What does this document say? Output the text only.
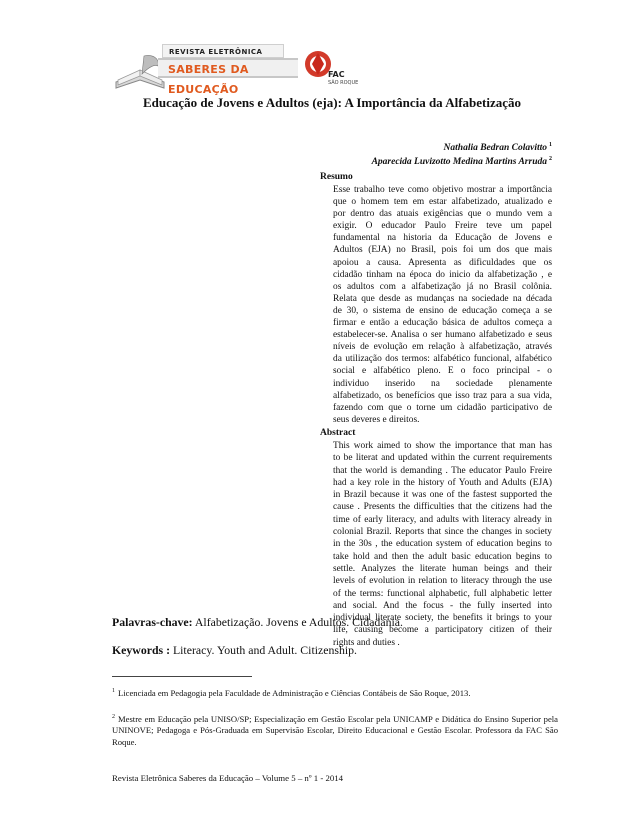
REVISTA ELETRÔNICA
SABERES DA EDUCAÇÃO
FAC
SÃO ROQUE
Educação de Jovens e Adultos (eja): A Importância da Alfabetização
Nathalia Bedran Colavitto $^1$
Aparecida Luvizotto Medina Martins Arruda $^2$
Resumo
Esse trabalho teve como objetivo mostrar a importância
que o homem tem em estar alfabetizado, atualizado e
por dentro das atuais exigências que o mundo vem a
exigir. O educador Paulo Freire teve um papel
fundamental na historia da Educação de Jovens e
Adultos (EJA) no Brasil, pois foi um dos que mais
apoiou a causa. Apresenta as dificuldades que os
cidadão tinham na época do inicio da alfabetização , e
os adultos com a alfabetização já no Brasil colônia.
Relata que desde as mudanças na sociedade na década
de 30, o sistema de ensino de educação começa a se
firmar e então a educação básica de adultos começa a
estabelecer-se. Analisa o ser humano alfabetizado e seus
níveis de evolução em relação à alfabetização, através
da utilização dos termos: alfabético funcional, alfabético
social e alfabético pleno. E o foco principal - o
individuo inserido na sociedade plenamente
alfabetizado, os benefícios que isso traz para a sua vida,
fazendo com que o torne um cidadão participativo de
seus deveres e direitos.
Abstract
This work aimed to show the importance that man has
to be literat and updated within the current requirements
that the world is demanding . The educator Paulo Freire
had a key role in the history of Youth and Adults (EJA)
in Brazil because it was one of the fastest supported the
cause . Presents the difficulties that the citizens had the
time of early literacy, and adults with literacy already in
colonial Brazil. Reports that since the changes in society
in the 30s , the education system of education begins to
take hold and then the adult basic education begins to
settle. Analyzes the literate human beings and their
levels of evolution in relation to literacy through the use
of the terms: functional alphabetic, full alphabetic letter
and social. And the focus - the fully inserted into
individual literate society, the benefits it brings to your
life, causing become a participatory citizen of their
rights and duties .
Palavras-chave: Alfabetização. Jovens e Adultos. Cidadania.
Keywords : Literacy. Youth and Adult. Citizenship.
$^1$ Licenciada em Pedagogia pela Faculdade de Administração e Ciências Contábeis de São Roque, 2013.
$^2$ Mestre em Educação pela UNISO/SP; Especialização em Gestão Escolar pela UNICAMP e Didática do Ensino Superior pela UNINOVE; Pedagoga e Pós-Graduada em Supervisão Escolar, Direito Educacional e Gestão Escolar. Professora da FAC São Roque.
Revista Eletrônica Saberes da Educação – Volume 5 – nº 1 - 2014
